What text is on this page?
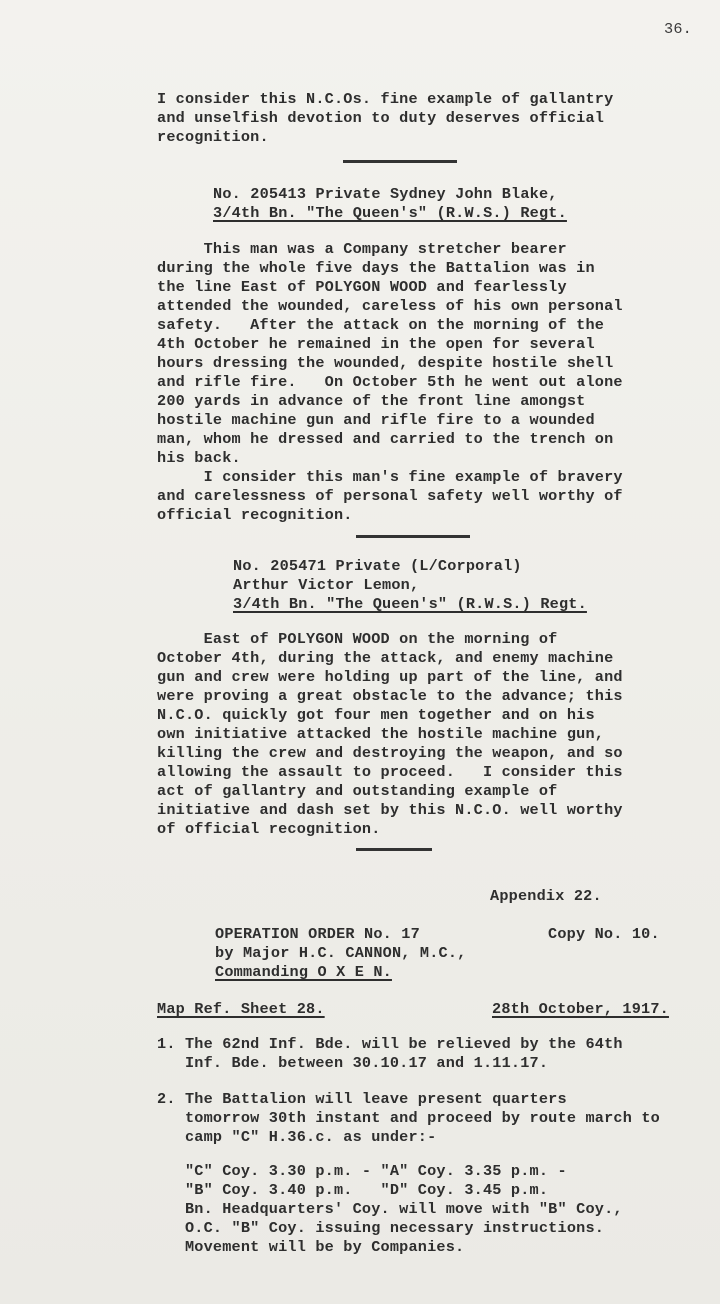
36.
I consider this N.C.Os. fine example of gallantry
and unselfish devotion to duty deserves official
recognition.
No. 205413 Private Sydney John Blake,
3/4th Bn. "The Queen's" (R.W.S.) Regt.
This man was a Company stretcher bearer
during the whole five days the Battalion was in
the line East of POLYGON WOOD and fearlessly
attended the wounded, careless of his own personal
safety.   After the attack on the morning of the
4th October he remained in the open for several
hours dressing the wounded, despite hostile shell
and rifle fire.   On October 5th he went out alone
200 yards in advance of the front line amongst
hostile machine gun and rifle fire to a wounded
man, whom he dressed and carried to the trench on
his back.
I consider this man's fine example of bravery
and carelessness of personal safety well worthy of
official recognition.
No. 205471 Private (L/Corporal)
Arthur Victor Lemon,
3/4th Bn. "The Queen's" (R.W.S.) Regt.
East of POLYGON WOOD on the morning of
October 4th, during the attack, and enemy machine
gun and crew were holding up part of the line, and
were proving a great obstacle to the advance; this
N.C.O. quickly got four men together and on his
own initiative attacked the hostile machine gun,
killing the crew and destroying the weapon, and so
allowing the assault to proceed.   I consider this
act of gallantry and outstanding example of
initiative and dash set by this N.C.O. well worthy
of official recognition.
Appendix 22.
OPERATION ORDER No. 17	Copy No. 10.
by Major H.C. CANNON, M.C.,
Commanding O X E N.
Map Ref. Sheet 28.	28th October, 1917.
1. The 62nd Inf. Bde. will be relieved by the 64th
Inf. Bde. between 30.10.17 and 1.11.17.
2. The Battalion will leave present quarters
tomorrow 30th instant and proceed by route march to
camp "C" H.36.c. as under:-
"C" Coy. 3.30 p.m. - "A" Coy. 3.35 p.m. -
"B" Coy. 3.40 p.m.   "D" Coy. 3.45 p.m.
Bn. Headquarters' Coy. will move with "B" Coy.,
O.C. "B" Coy. issuing necessary instructions.
Movement will be by Companies.
